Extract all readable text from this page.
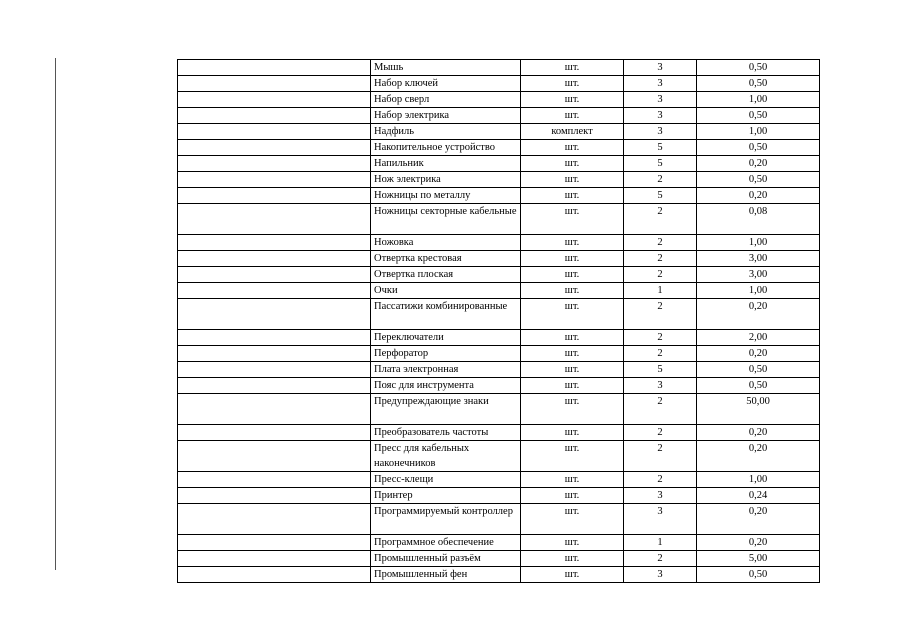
	Мышь	шт.	3	0,50
	Набор ключей	шт.	3	0,50
	Набор сверл	шт.	3	1,00
	Набор электрика	шт.	3	0,50
	Надфиль	комплект	3	1,00
	Накопительное устройство	шт.	5	0,50
	Напильник	шт.	5	0,20
	Нож электрика	шт.	2	0,50
	Ножницы по металлу	шт.	5	0,20
	Ножницы секторные кабельные	шт.	2	0,08
	Ножовка	шт.	2	1,00
	Отвертка крестовая	шт.	2	3,00
	Отвертка плоская	шт.	2	3,00
	Очки	шт.	1	1,00
	Пассатижи комбинированные	шт.	2	0,20
	Переключатели	шт.	2	2,00
	Перфоратор	шт.	2	0,20
	Плата электронная	шт.	5	0,50
	Пояс для инструмента	шт.	3	0,50
	Предупреждающие знаки	шт.	2	50,00
	Преобразователь частоты	шт.	2	0,20
	Пресс для кабельных наконечников	шт.	2	0,20
	Пресс-клещи	шт.	2	1,00
	Принтер	шт.	3	0,24
	Программируемый контроллер	шт.	3	0,20
	Программное обеспечение	шт.	1	0,20
	Промышленный разъём	шт.	2	5,00
	Промышленный фен	шт.	3	0,50
